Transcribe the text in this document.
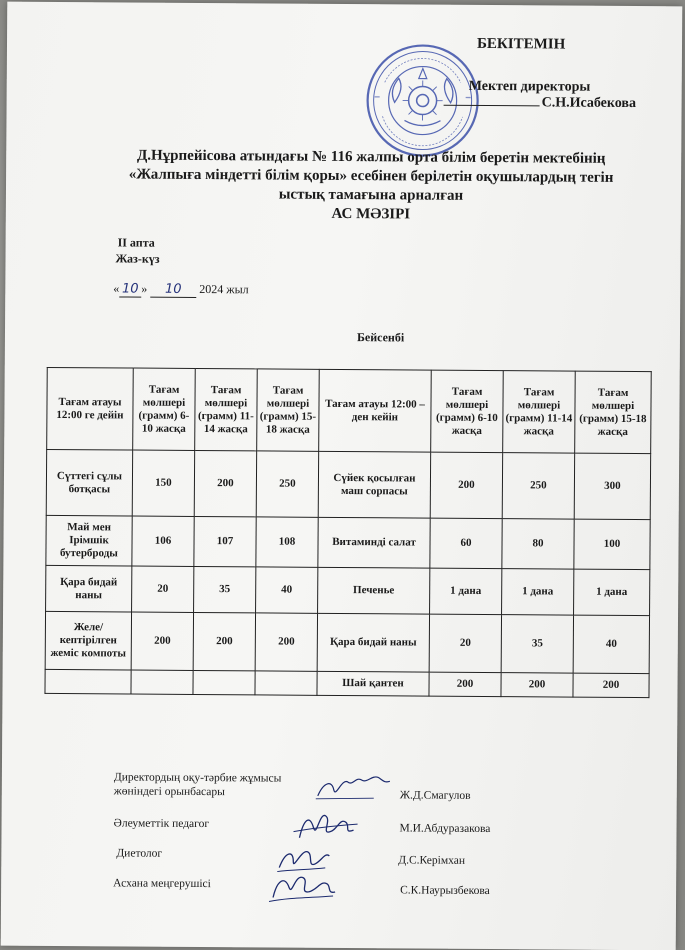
БЕКІТЕМІН
Мектеп директоры
С.Н.Исабекова
Д.Нұрпейісова атындағы № 116 жалпы орта білім беретін мектебінің
«Жалпыға міндетті білім қоры» есебінен берілетін оқушылардың тегін
ыстық тамағына арналған
АС МӘЗІРІ
II апта
Жаз-күз
« 10 » 10 2024 жыл
Бейсенбі
Тағам атауы 12:00 ге дейін	Тағам мөлшері (грамм) 6-10 жасқа	Тағам мөлшері (грамм) 11-14 жасқа	Тағам мөлшері (грамм) 15-18 жасқа	Тағам атауы 12:00 – ден кейін	Тағам мөлшері (грамм) 6-10 жасқа	Тағам мөлшері (грамм) 11-14 жасқа	Тағам мөлшері (грамм) 15-18 жасқа
Сүттегі сұлы ботқасы	150	200	250	Сүйек қосылған маш сорпасы	200	250	300
Май мен Ірімшік бутерброды	106	107	108	Витаминді салат	60	80	100
Қара бидай наны	20	35	40	Печенье	1 дана	1 дана	1 дана
Желе/ кептірілген жеміс компоты	200	200	200	Қара бидай наны	20	35	40
				Шай қантен	200	200	200
Директордың оқу-тәрбие жұмысы
жөніндегі орынбасары	Ж.Д.Смагулов
Әлеуметтік педагог	М.И.Абдуразакова
Диетолог
Д.С.Керімхан
Асхана меңгерушісі
С.К.Наурызбекова
